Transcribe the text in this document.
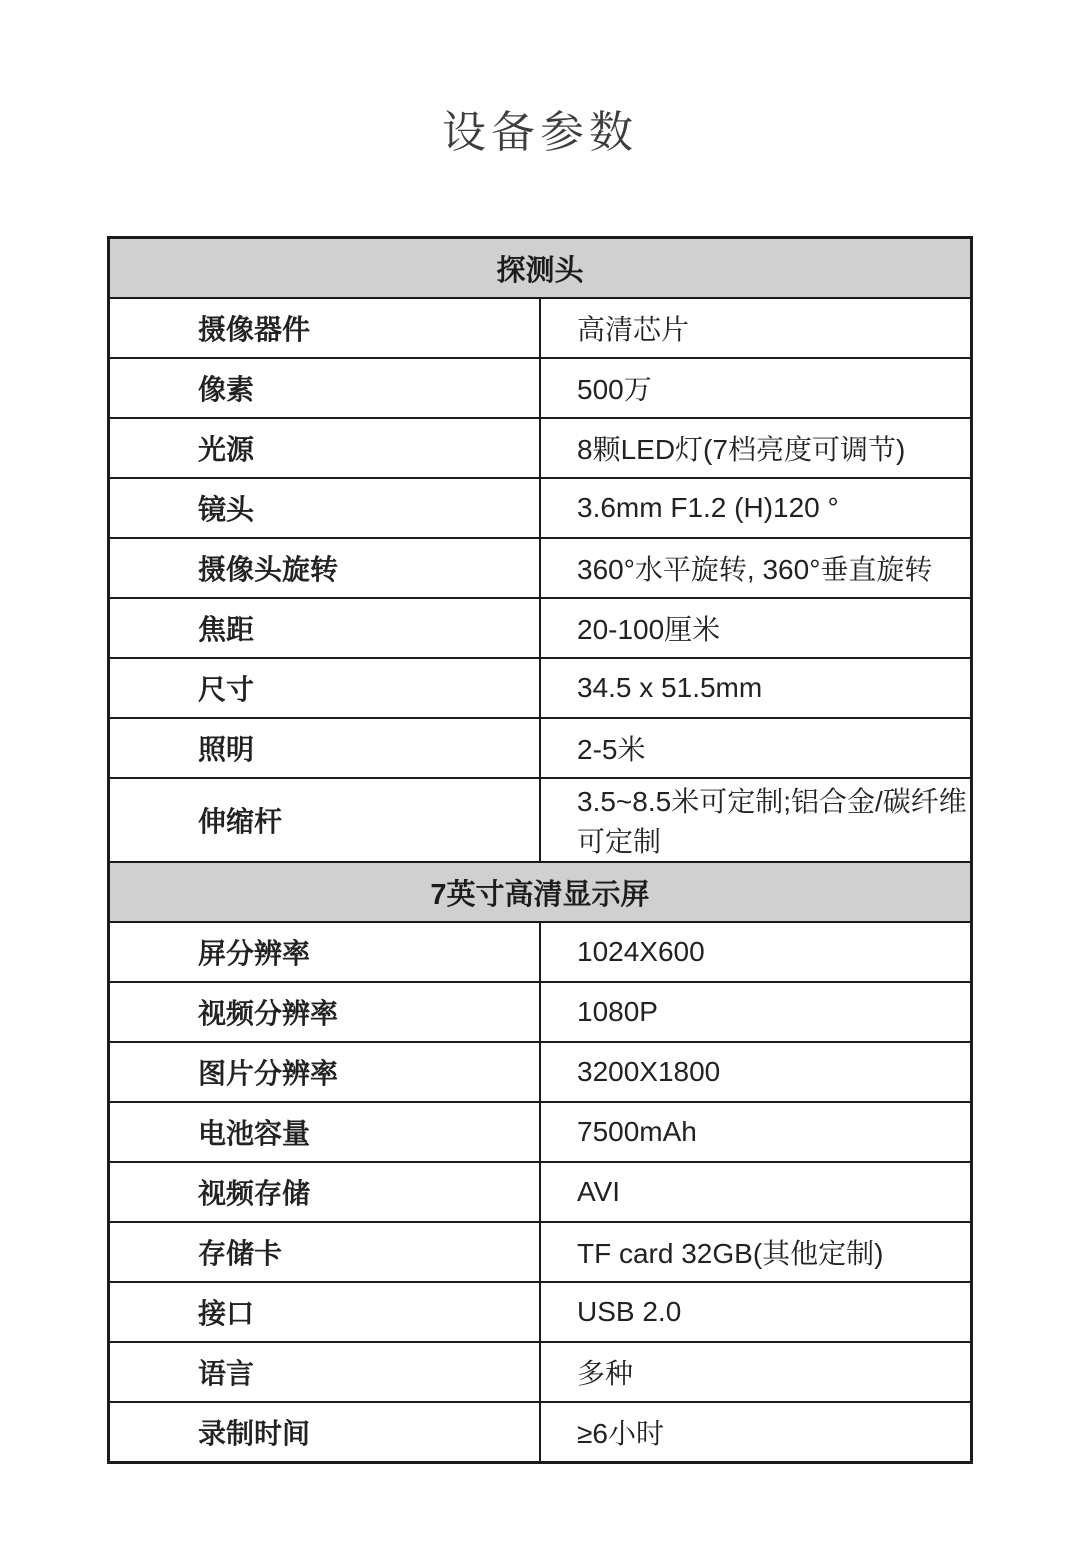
设备参数
探测头	
摄像器件	高清芯片
像素	500万
光源	8颗LED灯(7档亮度可调节)
镜头	3.6mm F1.2 (H)120 °
摄像头旋转	360°水平旋转, 360°垂直旋转
焦距	20-100厘米
尺寸	34.5 x 51.5mm
照明	2-5米
伸缩杆	3.5~8.5米可定制;铝合金/碳纤维可定制
7英寸高清显示屏	
屏分辨率	1024X600
视频分辨率	1080P
图片分辨率	3200X1800
电池容量	7500mAh
视频存储	AVI
存储卡	TF card 32GB(其他定制)
接口	USB 2.0
语言	多种
录制时间	≥6小时
